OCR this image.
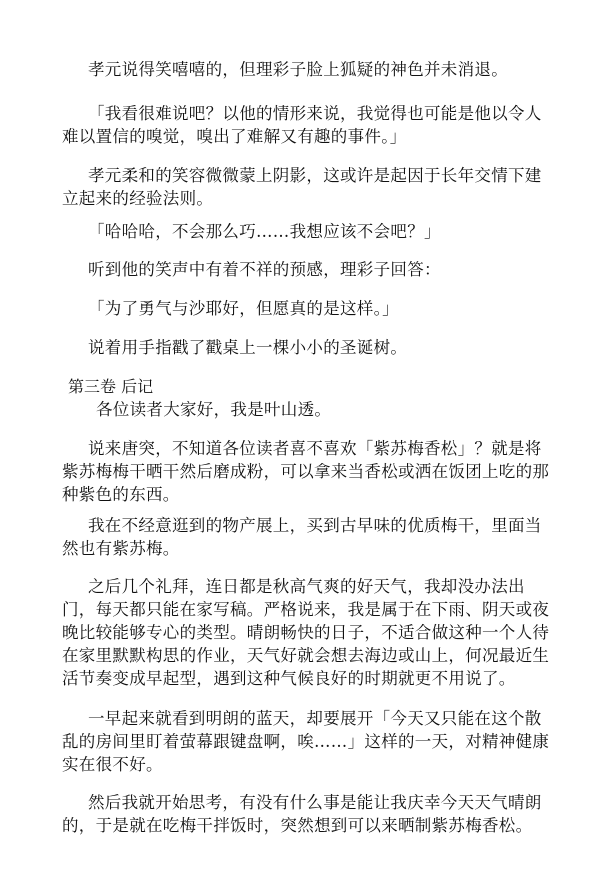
孝元说得笑嘻嘻的，但理彩子脸上狐疑的神色并未消退。
「我看很难说吧？以他的情形来说，我觉得也可能是他以令人
难以置信的嗅觉，嗅出了难解又有趣的事件。」
孝元柔和的笑容微微蒙上阴影，这或许是起因于长年交情下建
立起来的经验法则。
「哈哈哈，不会那么巧……我想应该不会吧？」
听到他的笑声中有着不祥的预感，理彩子回答：
「为了勇气与沙耶好，但愿真的是这样。」
说着用手指戳了戳桌上一棵小小的圣诞树。
第三卷 后记
各位读者大家好，我是叶山透。
说来唐突，不知道各位读者喜不喜欢「紫苏梅香松」？就是将
紫苏梅梅干晒干然后磨成粉，可以拿来当香松或洒在饭团上吃的那
种紫色的东西。
我在不经意逛到的物产展上，买到古早味的优质梅干，里面当
然也有紫苏梅。
之后几个礼拜，连日都是秋高气爽的好天气，我却没办法出
门，每天都只能在家写稿。严格说来，我是属于在下雨、阴天或夜
晚比较能够专心的类型。晴朗畅快的日子，不适合做这种一个人待
在家里默默构思的作业，天气好就会想去海边或山上，何况最近生
活节奏变成早起型，遇到这种气候良好的时期就更不用说了。
一早起来就看到明朗的蓝天，却要展开「今天又只能在这个散
乱的房间里盯着萤幕跟键盘啊，唉……」这样的一天，对精神健康
实在很不好。
然后我就开始思考，有没有什么事是能让我庆幸今天天气晴朗
的，于是就在吃梅干拌饭时，突然想到可以来晒制紫苏梅香松。
